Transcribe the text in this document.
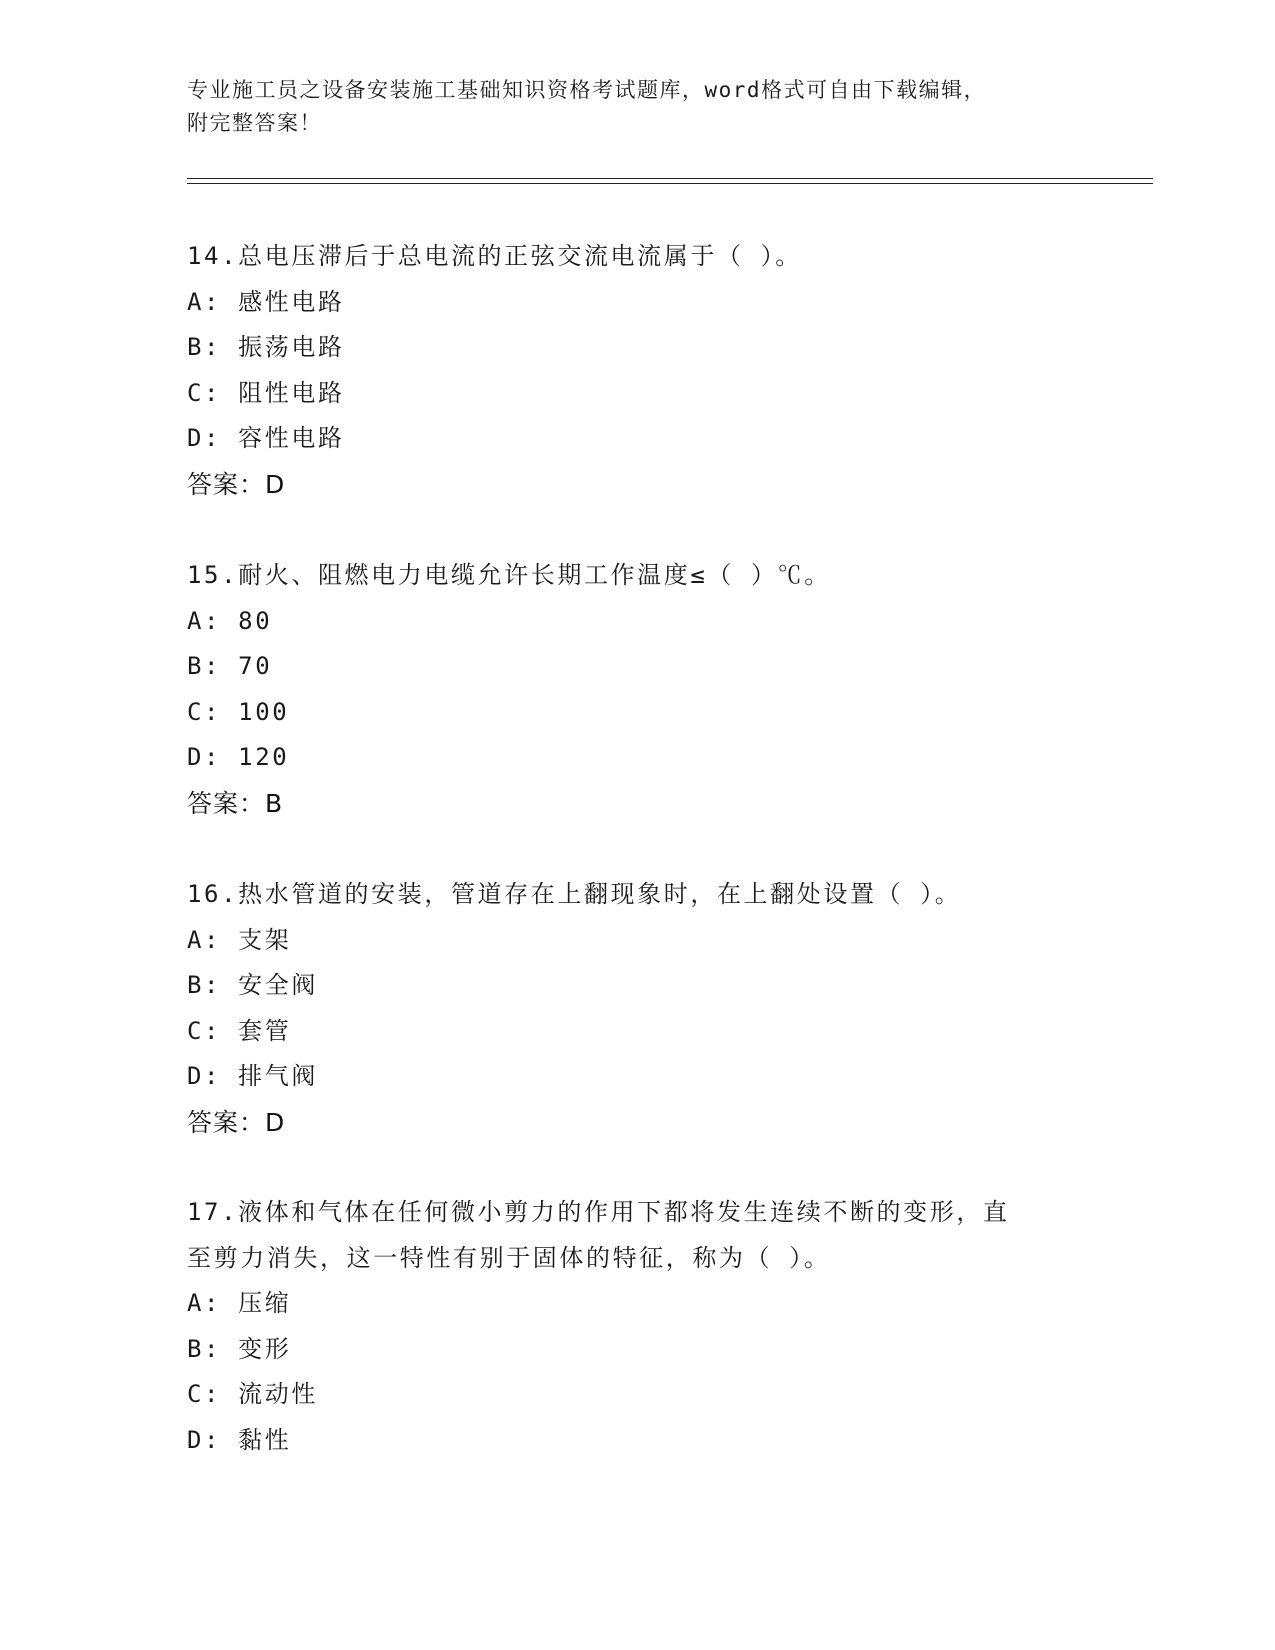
专业施工员之设备安装施工基础知识资格考试题库，word格式可自由下载编辑，
附完整答案！
14.总电压滞后于总电流的正弦交流电流属于（ ）。
A: 感性电路
B: 振荡电路
C: 阻性电路
D: 容性电路
答案：D
15.耐火、阻燃电力电缆允许长期工作温度≤（ ）℃。
A: 80
B: 70
C: 100
D: 120
答案：B
16.热水管道的安装，管道存在上翻现象时，在上翻处设置（ ）。
A: 支架
B: 安全阀
C: 套管
D: 排气阀
答案：D
17.液体和气体在任何微小剪力的作用下都将发生连续不断的变形，直
至剪力消失，这一特性有别于固体的特征，称为（ ）。
A: 压缩
B: 变形
C: 流动性
D: 黏性
